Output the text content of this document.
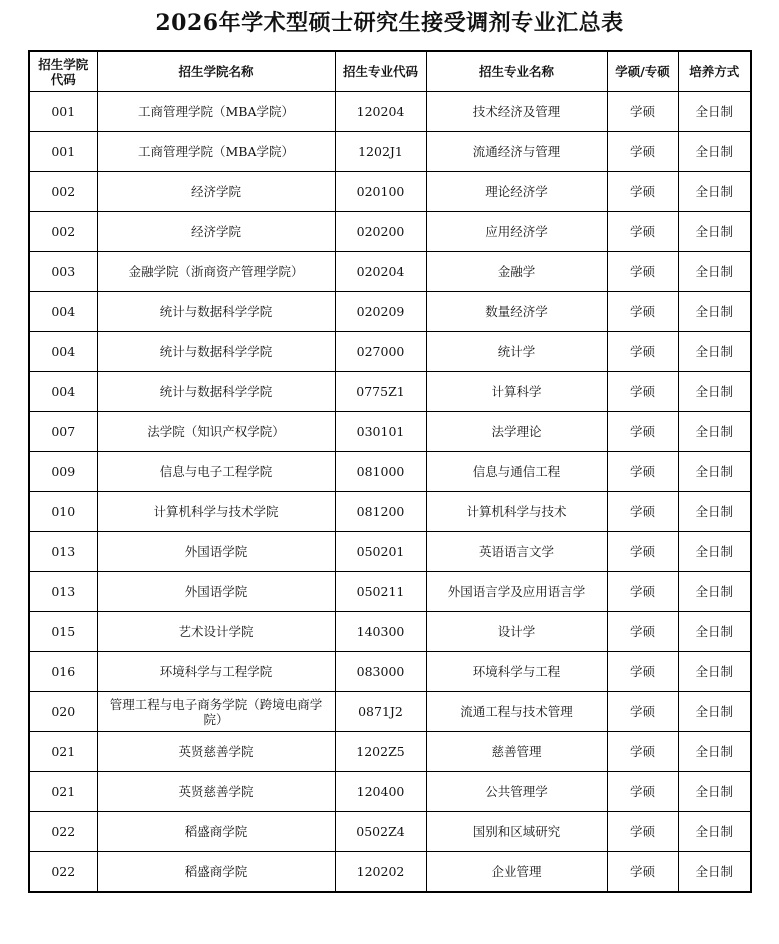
2026年学术型硕士研究生接受调剂专业汇总表
招生学院代码	招生学院名称	招生专业代码	招生专业名称	学硕/专硕	培养方式
001	工商管理学院（MBA学院）	120204	技术经济及管理	学硕	全日制
001	工商管理学院（MBA学院）	1202J1	流通经济与管理	学硕	全日制
002	经济学院	020100	理论经济学	学硕	全日制
002	经济学院	020200	应用经济学	学硕	全日制
003	金融学院（浙商资产管理学院）	020204	金融学	学硕	全日制
004	统计与数据科学学院	020209	数量经济学	学硕	全日制
004	统计与数据科学学院	027000	统计学	学硕	全日制
004	统计与数据科学学院	0775Z1	计算科学	学硕	全日制
007	法学院（知识产权学院）	030101	法学理论	学硕	全日制
009	信息与电子工程学院	081000	信息与通信工程	学硕	全日制
010	计算机科学与技术学院	081200	计算机科学与技术	学硕	全日制
013	外国语学院	050201	英语语言文学	学硕	全日制
013	外国语学院	050211	外国语言学及应用语言学	学硕	全日制
015	艺术设计学院	140300	设计学	学硕	全日制
016	环境科学与工程学院	083000	环境科学与工程	学硕	全日制
020	管理工程与电子商务学院（跨境电商学院）	0871J2	流通工程与技术管理	学硕	全日制
021	英贤慈善学院	1202Z5	慈善管理	学硕	全日制
021	英贤慈善学院	120400	公共管理学	学硕	全日制
022	稻盛商学院	0502Z4	国别和区域研究	学硕	全日制
022	稻盛商学院	120202	企业管理	学硕	全日制
